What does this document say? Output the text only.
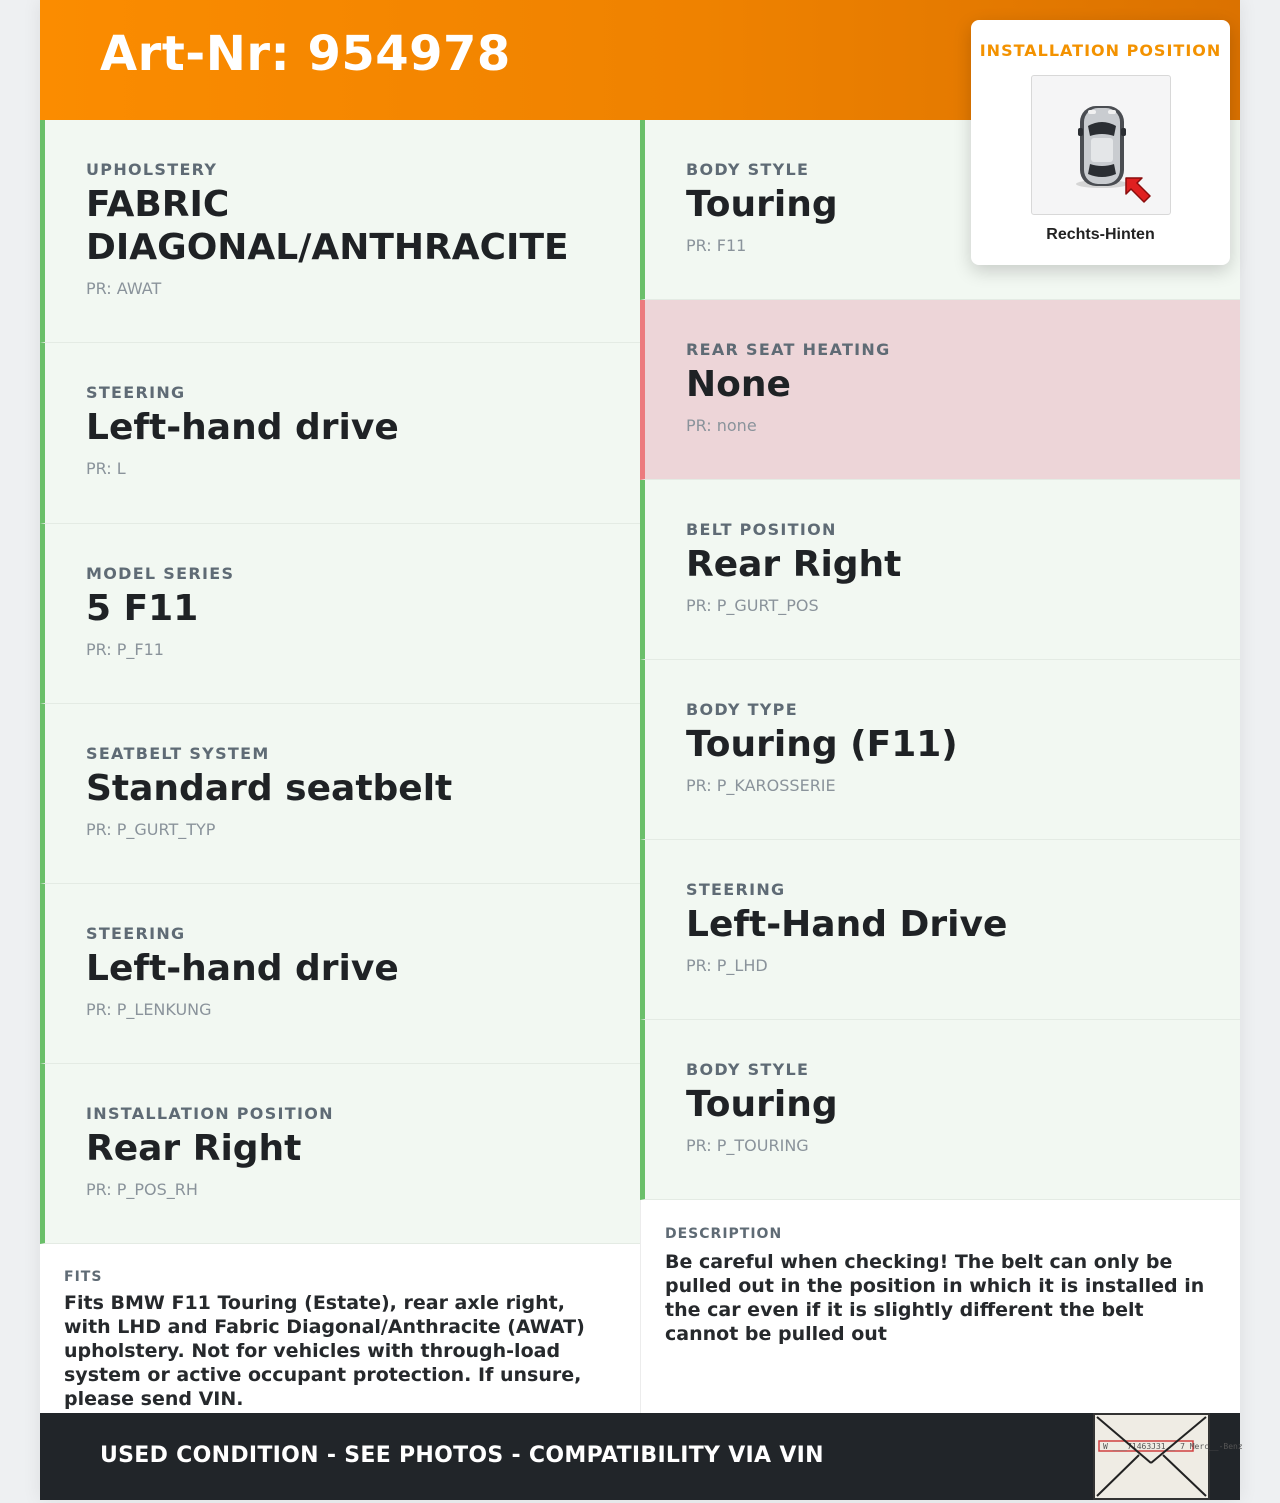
Art-Nr: 954978	INSTALLATION POSITION
Rechts-Hinten
UPHOLSTERY
FABRIC DIAGONAL/ANTHRACITE
PR: AWAT
STEERING
Left-hand drive
PR: L
MODEL SERIES
5 F11
PR: P_F11
SEATBELT SYSTEM
Standard seatbelt
PR: P_GURT_TYP
STEERING
Left-hand drive
PR: P_LENKUNG
INSTALLATION POSITION
Rear Right
PR: P_POS_RH
BODY STYLE
Touring
PR: F11
REAR SEAT HEATING
None
PR: none
BELT POSITION
Rear Right
PR: P_GURT_POS
BODY TYPE
Touring (F11)
PR: P_KAROSSERIE
STEERING
Left-Hand Drive
PR: P_LHD
BODY STYLE
Touring
PR: P_TOURING
FITS
Fits BMW F11 Touring (Estate), rear axle right, with LHD and Fabric Diagonal/Anthracite (AWAT) upholstery. Not for vehicles with through-load system or active occupant protection. If unsure, please send VIN.
DESCRIPTION
Be careful when checking! The belt can only be pulled out in the position in which it is installed in the car even if it is slightly different the belt cannot be pulled out
USED CONDITION - SEE PHOTOS - COMPATIBILITY VIA VIN	W ___71463J31__ 7 Merc__-Benz
